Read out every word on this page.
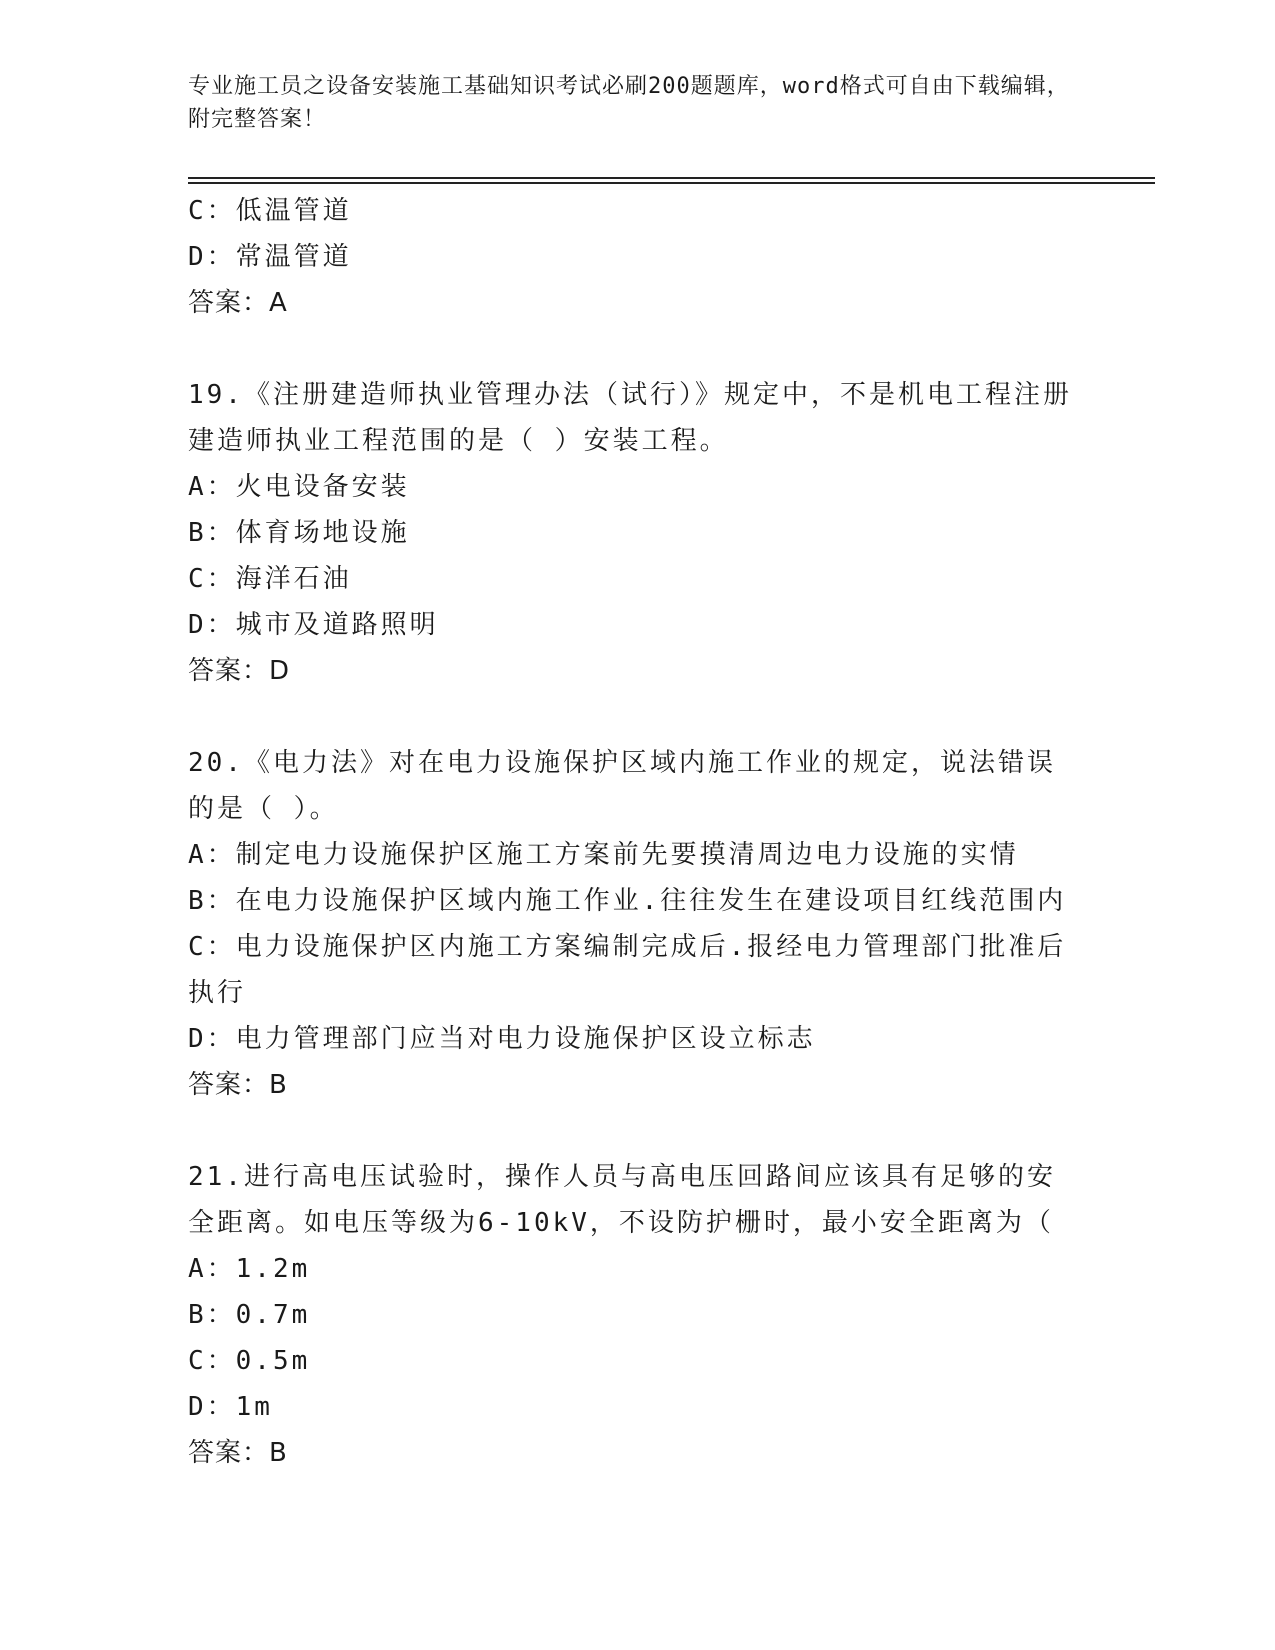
专业施工员之设备安装施工基础知识考试必刷200题题库，word格式可自由下载编辑，附完整答案！
C：低温管道
D：常温管道
答案：A
19.《注册建造师执业管理办法（试行）》规定中，不是机电工程注册建造师执业工程范围的是（ ）安装工程。
A：火电设备安装
B：体育场地设施
C：海洋石油
D：城市及道路照明
答案：D
20.《电力法》对在电力设施保护区域内施工作业的规定，说法错误的是（ ）。
A：制定电力设施保护区施工方案前先要摸清周边电力设施的实情
B：在电力设施保护区域内施工作业.往往发生在建设项目红线范围内
C：电力设施保护区内施工方案编制完成后.报经电力管理部门批准后执行
D：电力管理部门应当对电力设施保护区设立标志
答案：B
21.进行高电压试验时，操作人员与高电压回路间应该具有足够的安全距离。如电压等级为6-10kV，不设防护栅时，最小安全距离为（
A：1.2m
B：0.7m
C：0.5m
D：1m
答案：B
